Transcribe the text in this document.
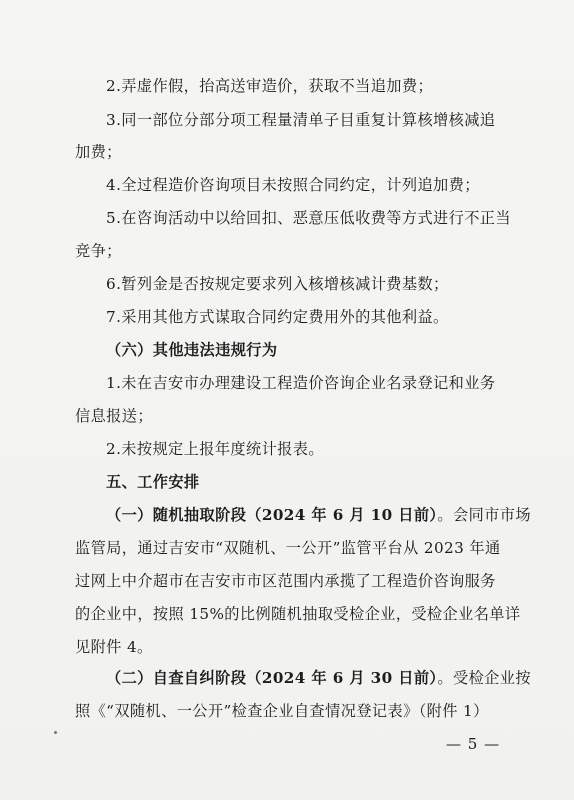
2.弄虚作假，抬高送审造价，获取不当追加费；
3.同一部位分部分项工程量清单子目重复计算核增核减追
加费；
4.全过程造价咨询项目未按照合同约定，计列追加费；
5.在咨询活动中以给回扣、恶意压低收费等方式进行不正当
竞争；
6.暂列金是否按规定要求列入核增核减计费基数；
7.采用其他方式谋取合同约定费用外的其他利益。
（六）其他违法违规行为
1.未在吉安市办理建设工程造价咨询企业名录登记和业务
信息报送；
2.未按规定上报年度统计报表。
五、工作安排
（一）随机抽取阶段（2024 年 6 月 10 日前）。会同市市场
监管局，通过吉安市“双随机、一公开”监管平台从 2023 年通
过网上中介超市在吉安市市区范围内承揽了工程造价咨询服务
的企业中，按照 15%的比例随机抽取受检企业，受检企业名单详
见附件 4。
（二）自查自纠阶段（2024 年 6 月 30 日前）。受检企业按
照《“双随机、一公开”检查企业自查情况登记表》（附件 1）
— 5 —
